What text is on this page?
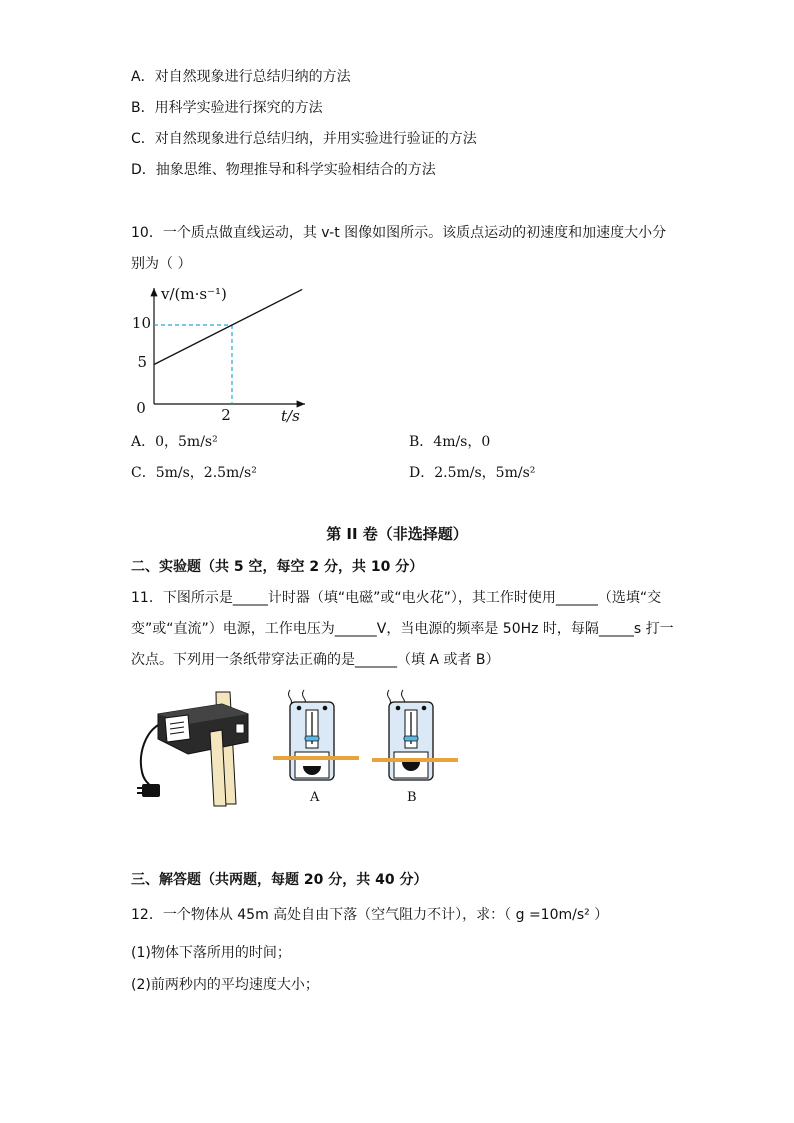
A．对自然现象进行总结归纳的方法
B．用科学实验进行探究的方法
C．对自然现象进行总结归纳，并用实验进行验证的方法
D．抽象思维、物理推导和科学实验相结合的方法
10．一个质点做直线运动，其 v-t 图像如图所示。该质点运动的初速度和加速度大小分
别为（ ）
v/(m·s⁻¹)
t/s
0
5
10
2
A．0，5m/s²	B．4m/s，0
C．5m/s，2.5m/s²	D．2.5m/s，5m/s²
第 II 卷（非选择题）
二、实验题（共 5 空，每空 2 分，共 10 分）
11．下图所示是_____计时器（填“电磁”或“电火花”），其工作时使用______（选填“交
变”或“直流”）电源，工作电压为______V，当电源的频率是 50Hz 时，每隔_____s 打一
次点。下列用一条纸带穿法正确的是______（填 A 或者 B）
A	B
三、解答题（共两题，每题 20 分，共 40 分）
12．一个物体从 45m 高处自由下落（空气阻力不计），求：（ g =10m/s² ）
(1)物体下落所用的时间；
(2)前两秒内的平均速度大小；
